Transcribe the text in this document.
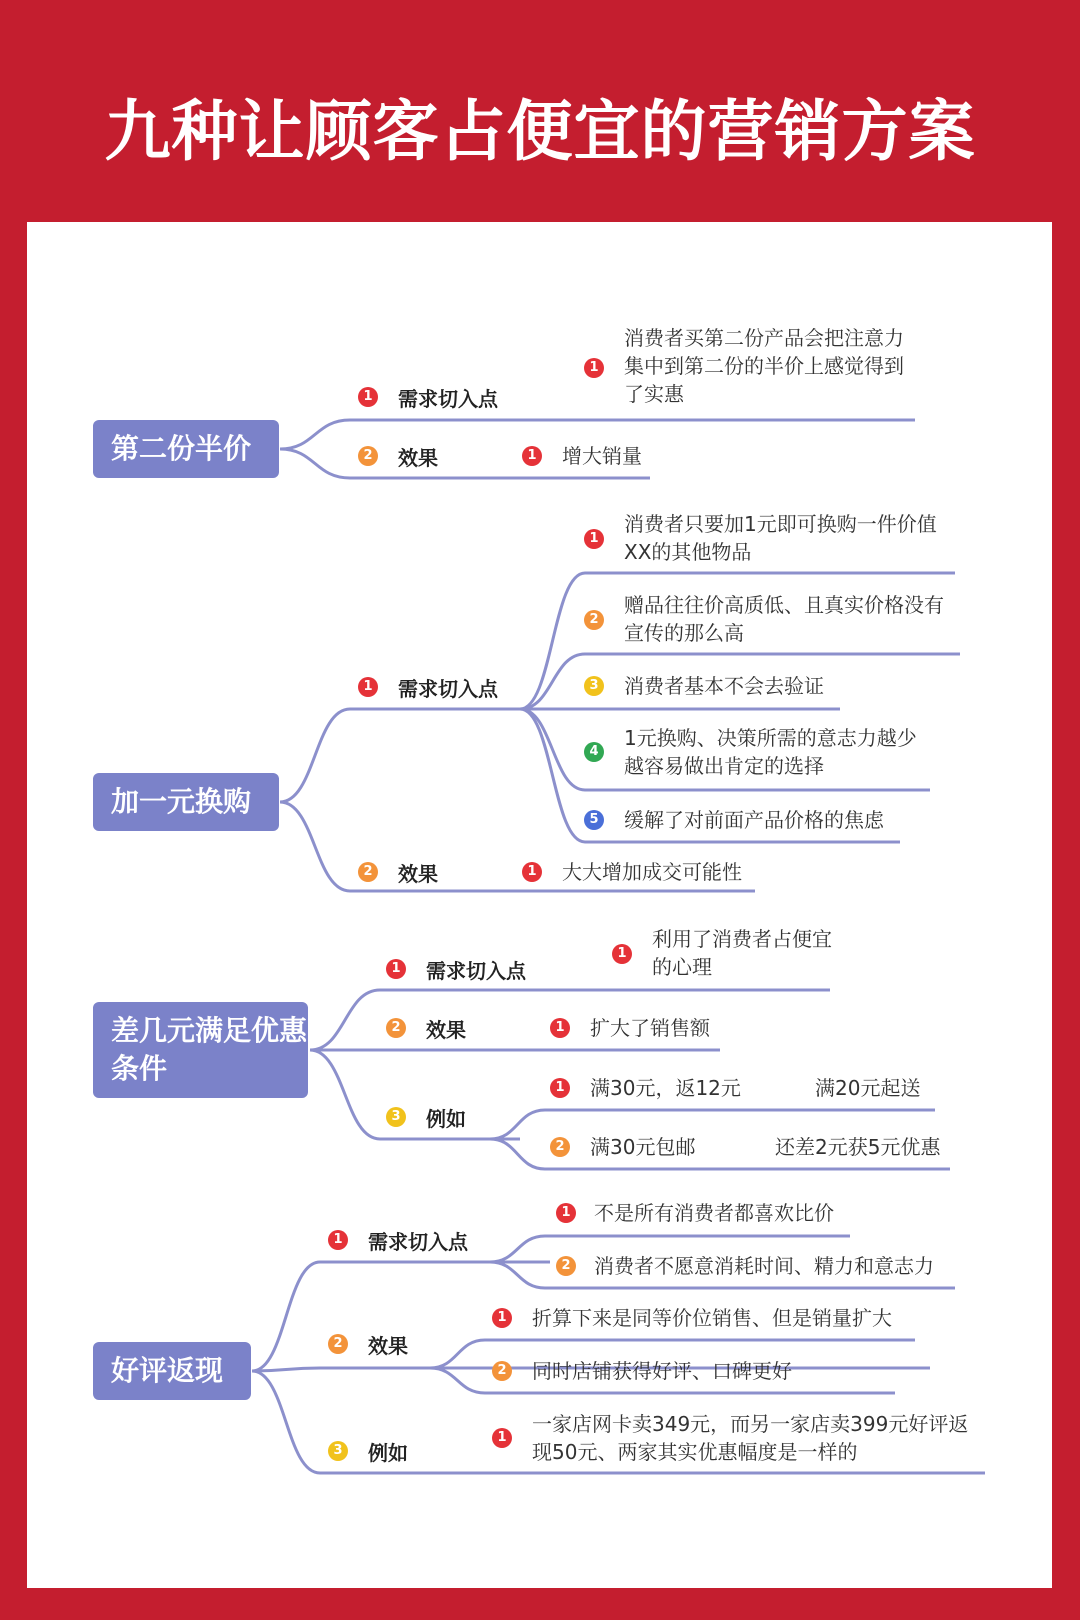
九种让顾客占便宜的营销方案
第二份半价
1 需求切入点
1
消费者买第二份产品会把注意力集中到第二份的半价上感觉得到了实惠
2 效果	1 增大销量
加一元换购
1 需求切入点
1
消费者只要加1元即可换购一件价值XX的其他物品
2
赠品往往价高质低、且真实价格没有宣传的那么高
3 消费者基本不会去验证
4
1元换购、决策所需的意志力越少越容易做出肯定的选择
5 缓解了对前面产品价格的焦虑
2 效果	1 大大增加成交可能性
差几元满足优惠条件
1 需求切入点
1
利用了消费者占便宜的心理
2 效果	1 扩大了销售额
3 例如
1 满30元，返12元	满20元起送
2 满30元包邮	还差2元获5元优惠
好评返现
1 需求切入点
1 不是所有消费者都喜欢比价
2 消费者不愿意消耗时间、精力和意志力
2 效果
1 折算下来是同等价位销售、但是销量扩大
2 同时店铺获得好评、口碑更好
3 例如
1
一家店网卡卖349元，而另一家店卖399元好评返现50元、两家其实优惠幅度是一样的
